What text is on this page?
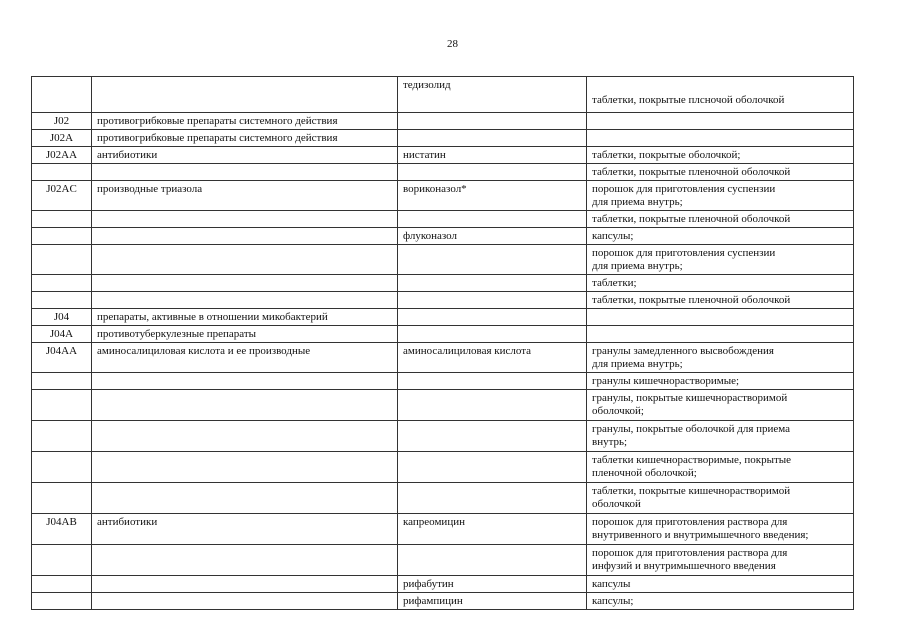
28
		тедизолид	таблетки, покрытые плсночой оболочкой
J02	противогрибковые препараты системного действия		
J02A	противогрибковые препараты системного действия		
J02AA	антибиотики	нистатин	таблетки, покрытые оболочкой;
			таблетки, покрытые пленочной оболочкой
J02AC	производные триазола	вориконазол*	порошок для приготовления суспензии
для приема внутрь;
			таблетки, покрытые пленочной оболочкой
		флуконазол	капсулы;
			порошок для приготовления суспензии
для приема внутрь;
			таблетки;
			таблетки, покрытые пленочной оболочкой
J04	препараты, активные в отношении микобактерий		
J04A	противотуберкулезные препараты		
J04AA	аминосалициловая кислота и ее производные	аминосалициловая кислота	гранулы замедленного высвобождения
для приема внутрь;
			гранулы кишечнорастворимые;
			гранулы, покрытые кишечнорастворимой
оболочкой;
			гранулы, покрытые оболочкой для приема
внутрь;
			таблетки кишечнорастворимые, покрытые
пленочной оболочкой;
			таблетки, покрытые кишечнорастворимой
оболочкой
J04AB	антибиотики	капреомицин	порошок для приготовления раствора для
внутривенного и внутримышечного введения;
			порошок для приготовления раствора для
инфузий и внутримышечного введения
		рифабутин	капсулы
		рифампицин	капсулы;
